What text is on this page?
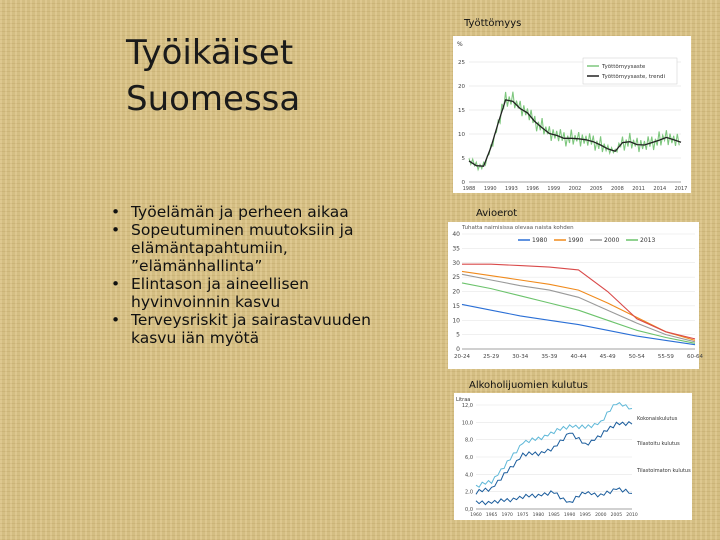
Työikäiset
Suomessa
• Työelämän ja perheen aikaa
• Sopeutuminen muutoksiin ja elämäntapahtumiin, ”elämänhallinta”
• Elintason ja aineellisen hyvinvoinnin kasvu
• Terveysriskit ja sairastavuuden kasvu iän myötä
Työttömyys
%
0
5
10
15
20
25
1988 1990 1993 1996 1999 2002 2005 2008 2011 2014 2017
Työttömyysaste
Työttömyysaste, trendi
Avioerot
Tuhatta naimisissa olevaa naista kohden
0
5
10
15
20
25
30
35
40
20-24 25-29 30-34 35-39 40-44 45-49 50-54 55-59 60-64
1980	1990	2000	2013
Alkoholijuomien kulutus
Litraa
0,0
2,0
4,0
6,0
8,0
10,0
12,0
1960 1965 1970 1975 1980 1985 1990 1995 2000 2005 2010
Kokonaiskulutus
Tilastoitu kulutus
Tilastoimaton kulutus
